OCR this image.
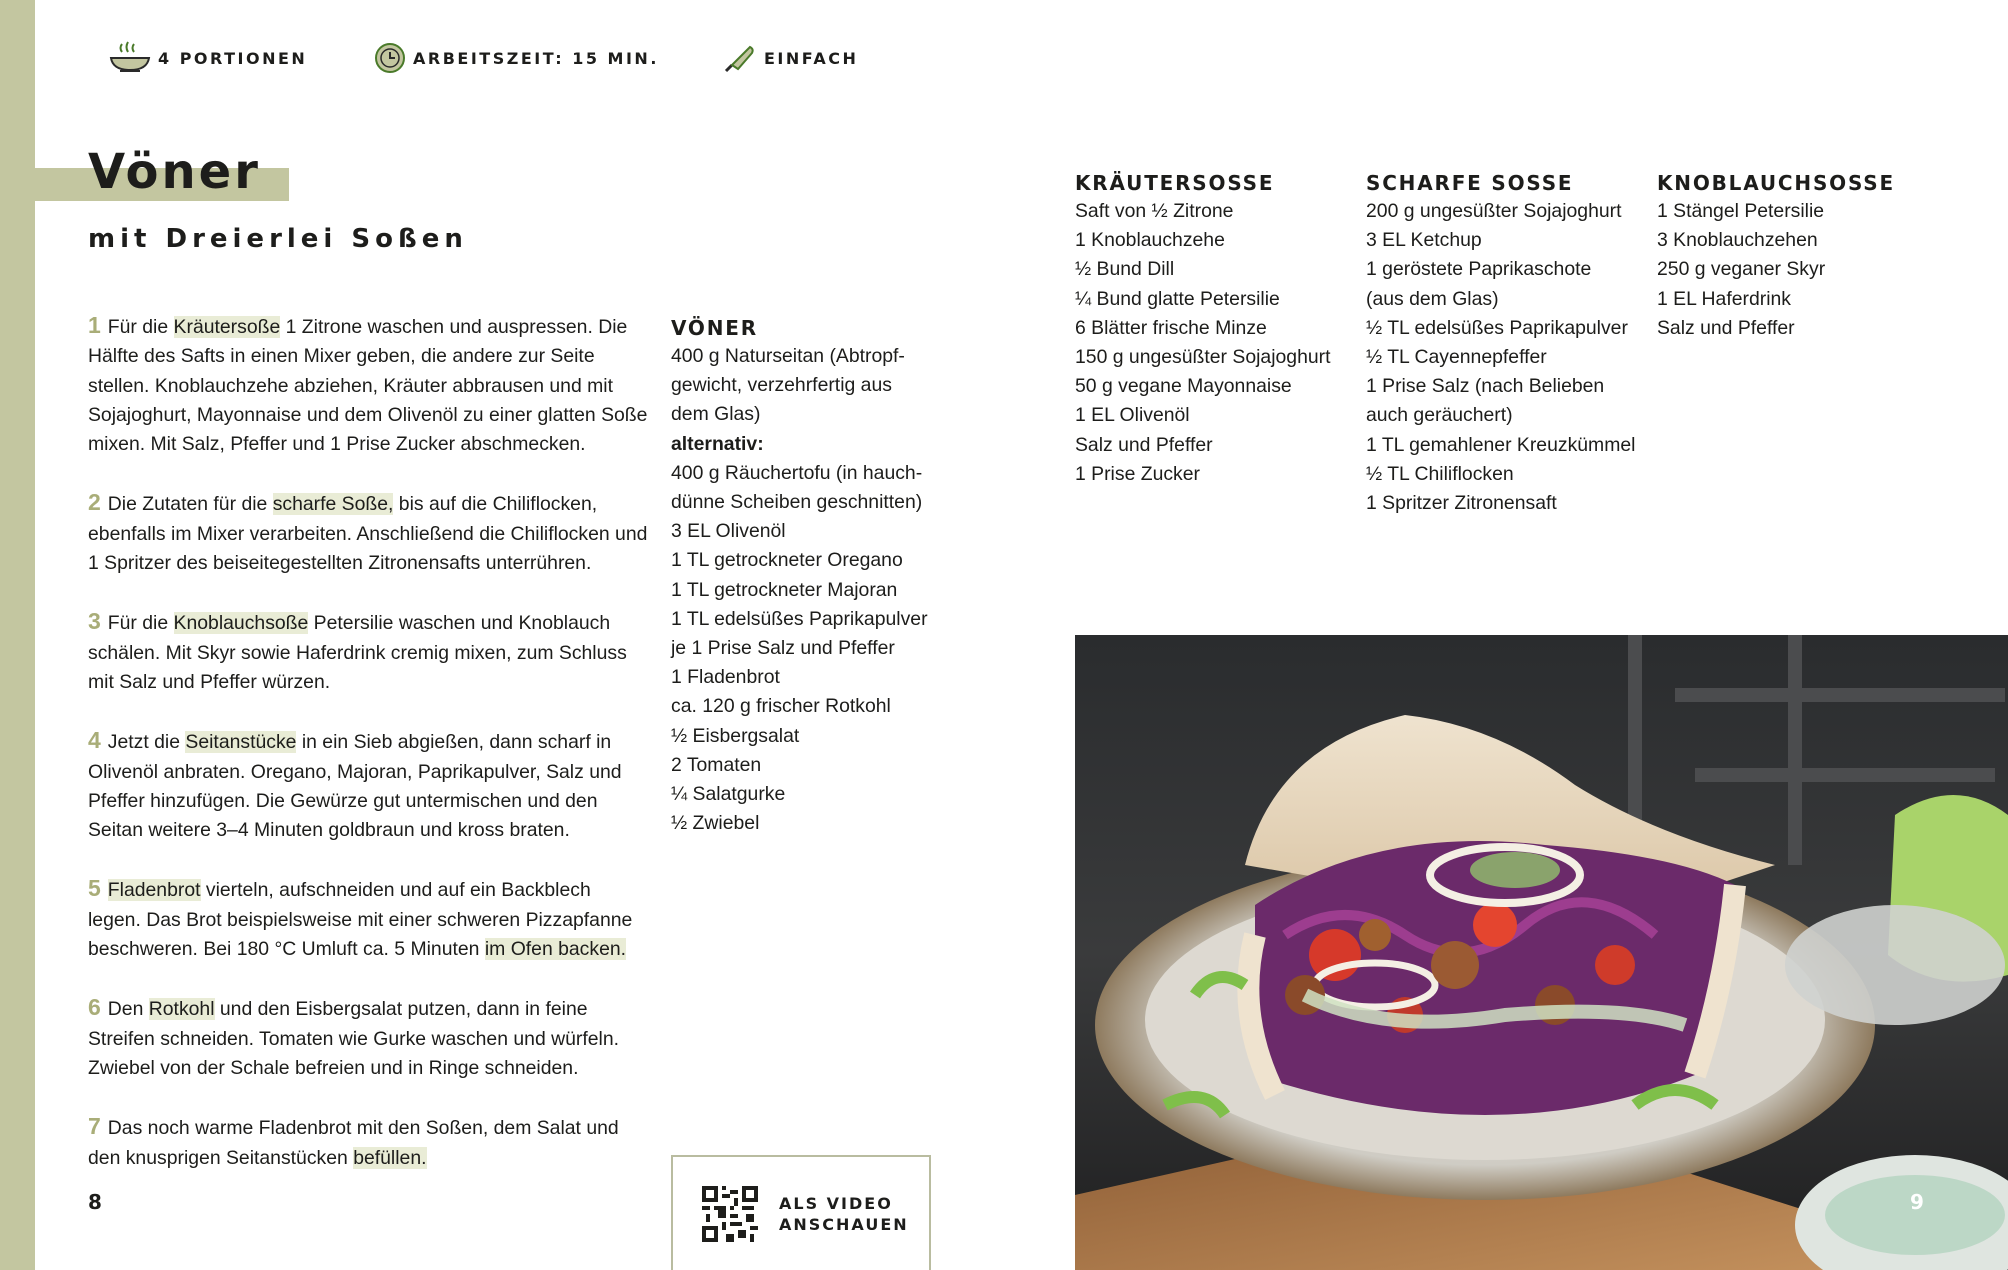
4 PORTIONEN	ARBEITSZEIT: 15 MIN.	EINFACH
Vöner
mit Dreierlei Soßen

1 Für die Kräutersoße 1 Zitrone waschen und auspressen. Die Hälfte des Safts in einen Mixer geben, die andere zur Seite stellen. Knoblauchzehe abziehen, Kräuter abbrausen und mit Sojajoghurt, Mayonnaise und dem Olivenöl zu einer glatten Soße mixen. Mit Salz, Pfeffer und 1 Prise Zucker abschmecken.

2 Die Zutaten für die scharfe Soße, bis auf die Chiliflocken, ebenfalls im Mixer verarbeiten. Anschließend die Chiliflocken und 1 Spritzer des beiseitegestellten Zitronensafts unterrühren.

3 Für die Knoblauchsoße Petersilie waschen und Knoblauch schälen. Mit Skyr sowie Haferdrink cremig mixen, zum Schluss mit Salz und Pfeffer würzen.

4 Jetzt die Seitanstücke in ein Sieb abgießen, dann scharf in Olivenöl anbraten. Oregano, Majoran, Paprikapulver, Salz und Pfeffer hinzufügen. Die Gewürze gut untermischen und den Seitan weitere 3–4 Minuten goldbraun und kross braten.

5 Fladenbrot vierteln, aufschneiden und auf ein Backblech legen. Das Brot beispielsweise mit einer schweren Pizzapfanne beschweren. Bei 180 °C Umluft ca. 5 Minuten im Ofen backen.

6 Den Rotkohl und den Eisbergsalat putzen, dann in feine Streifen schneiden. Tomaten wie Gurke waschen und würfeln. Zwiebel von der Schale befreien und in Ringe schneiden.

7 Das noch warme Fladenbrot mit den Soßen, dem Salat und den knusprigen Seitanstücken befüllen.

VÖNER
400 g Naturseitan (Abtropf-
gewicht, verzehrfertig aus
dem Glas)
alternativ:
400 g Räuchertofu (in hauch-
dünne Scheiben geschnitten)
3 EL Olivenöl
1 TL getrockneter Oregano
1 TL getrockneter Majoran
1 TL edelsüßes Paprikapulver
je 1 Prise Salz und Pfeffer
1 Fladenbrot
ca. 120 g frischer Rotkohl
½ Eisbergsalat
2 Tomaten
¼ Salatgurke
½ Zwiebel
KRÄUTERSOSSE
Saft von ½ Zitrone
1 Knoblauchzehe
½ Bund Dill
¼ Bund glatte Petersilie
6 Blätter frische Minze
150 g ungesüßter Sojajoghurt
50 g vegane Mayonnaise
1 EL Olivenöl
Salz und Pfeffer
1 Prise Zucker
SCHARFE SOSSE
200 g ungesüßter Sojajoghurt
3 EL Ketchup
1 geröstete Paprikaschote
(aus dem Glas)
½ TL edelsüßes Paprikapulver
½ TL Cayennepfeffer
1 Prise Salz (nach Belieben
auch geräuchert)
1 TL gemahlener Kreuzkümmel
½ TL Chiliflocken
1 Spritzer Zitronensaft
KNOBLAUCHSOSSE
1 Stängel Petersilie
3 Knoblauchzehen
250 g veganer Skyr
1 EL Haferdrink
Salz und Pfeffer
ALS VIDEO
ANSCHAUEN
8	9
